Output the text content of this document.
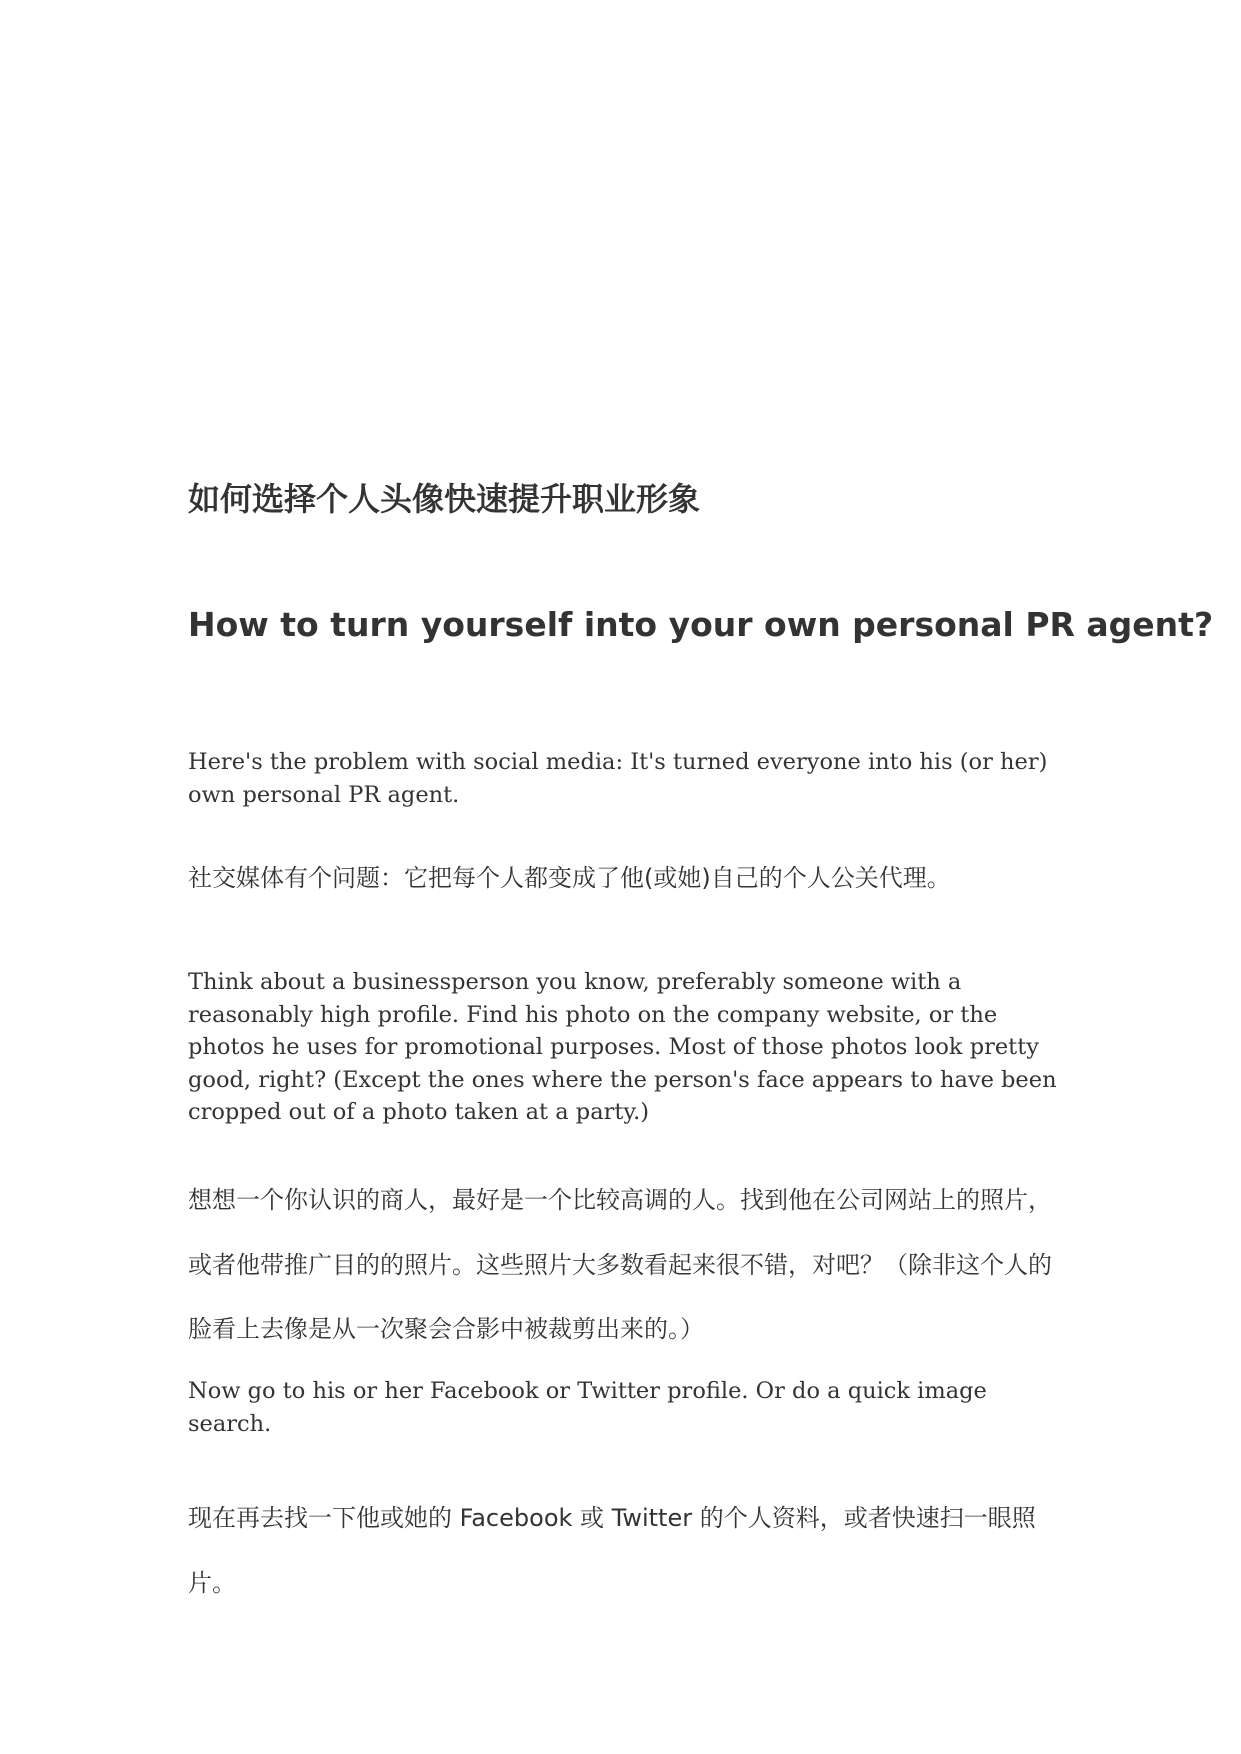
如何选择个人头像快速提升职业形象
How to turn yourself into your own personal PR agent?

Here's the problem with social media: It's turned everyone into his (or her) own personal PR agent.

社交媒体有个问题：它把每个人都变成了他(或她)自己的个人公关代理。

Think about a businessperson you know, preferably someone with a reasonably high profile. Find his photo on the company website, or the photos he uses for promotional purposes. Most of those photos look pretty good, right? (Except the ones where the person's face appears to have been cropped out of a photo taken at a party.)

想想一个你认识的商人，最好是一个比较高调的人。找到他在公司网站上的照片，或者他带推广目的的照片。这些照片大多数看起来很不错，对吧？（除非这个人的脸看上去像是从一次聚会合影中被裁剪出来的。）

Now go to his or her Facebook or Twitter profile. Or do a quick image search.

现在再去找一下他或她的 Facebook 或 Twitter 的个人资料，或者快速扫一眼照片。
